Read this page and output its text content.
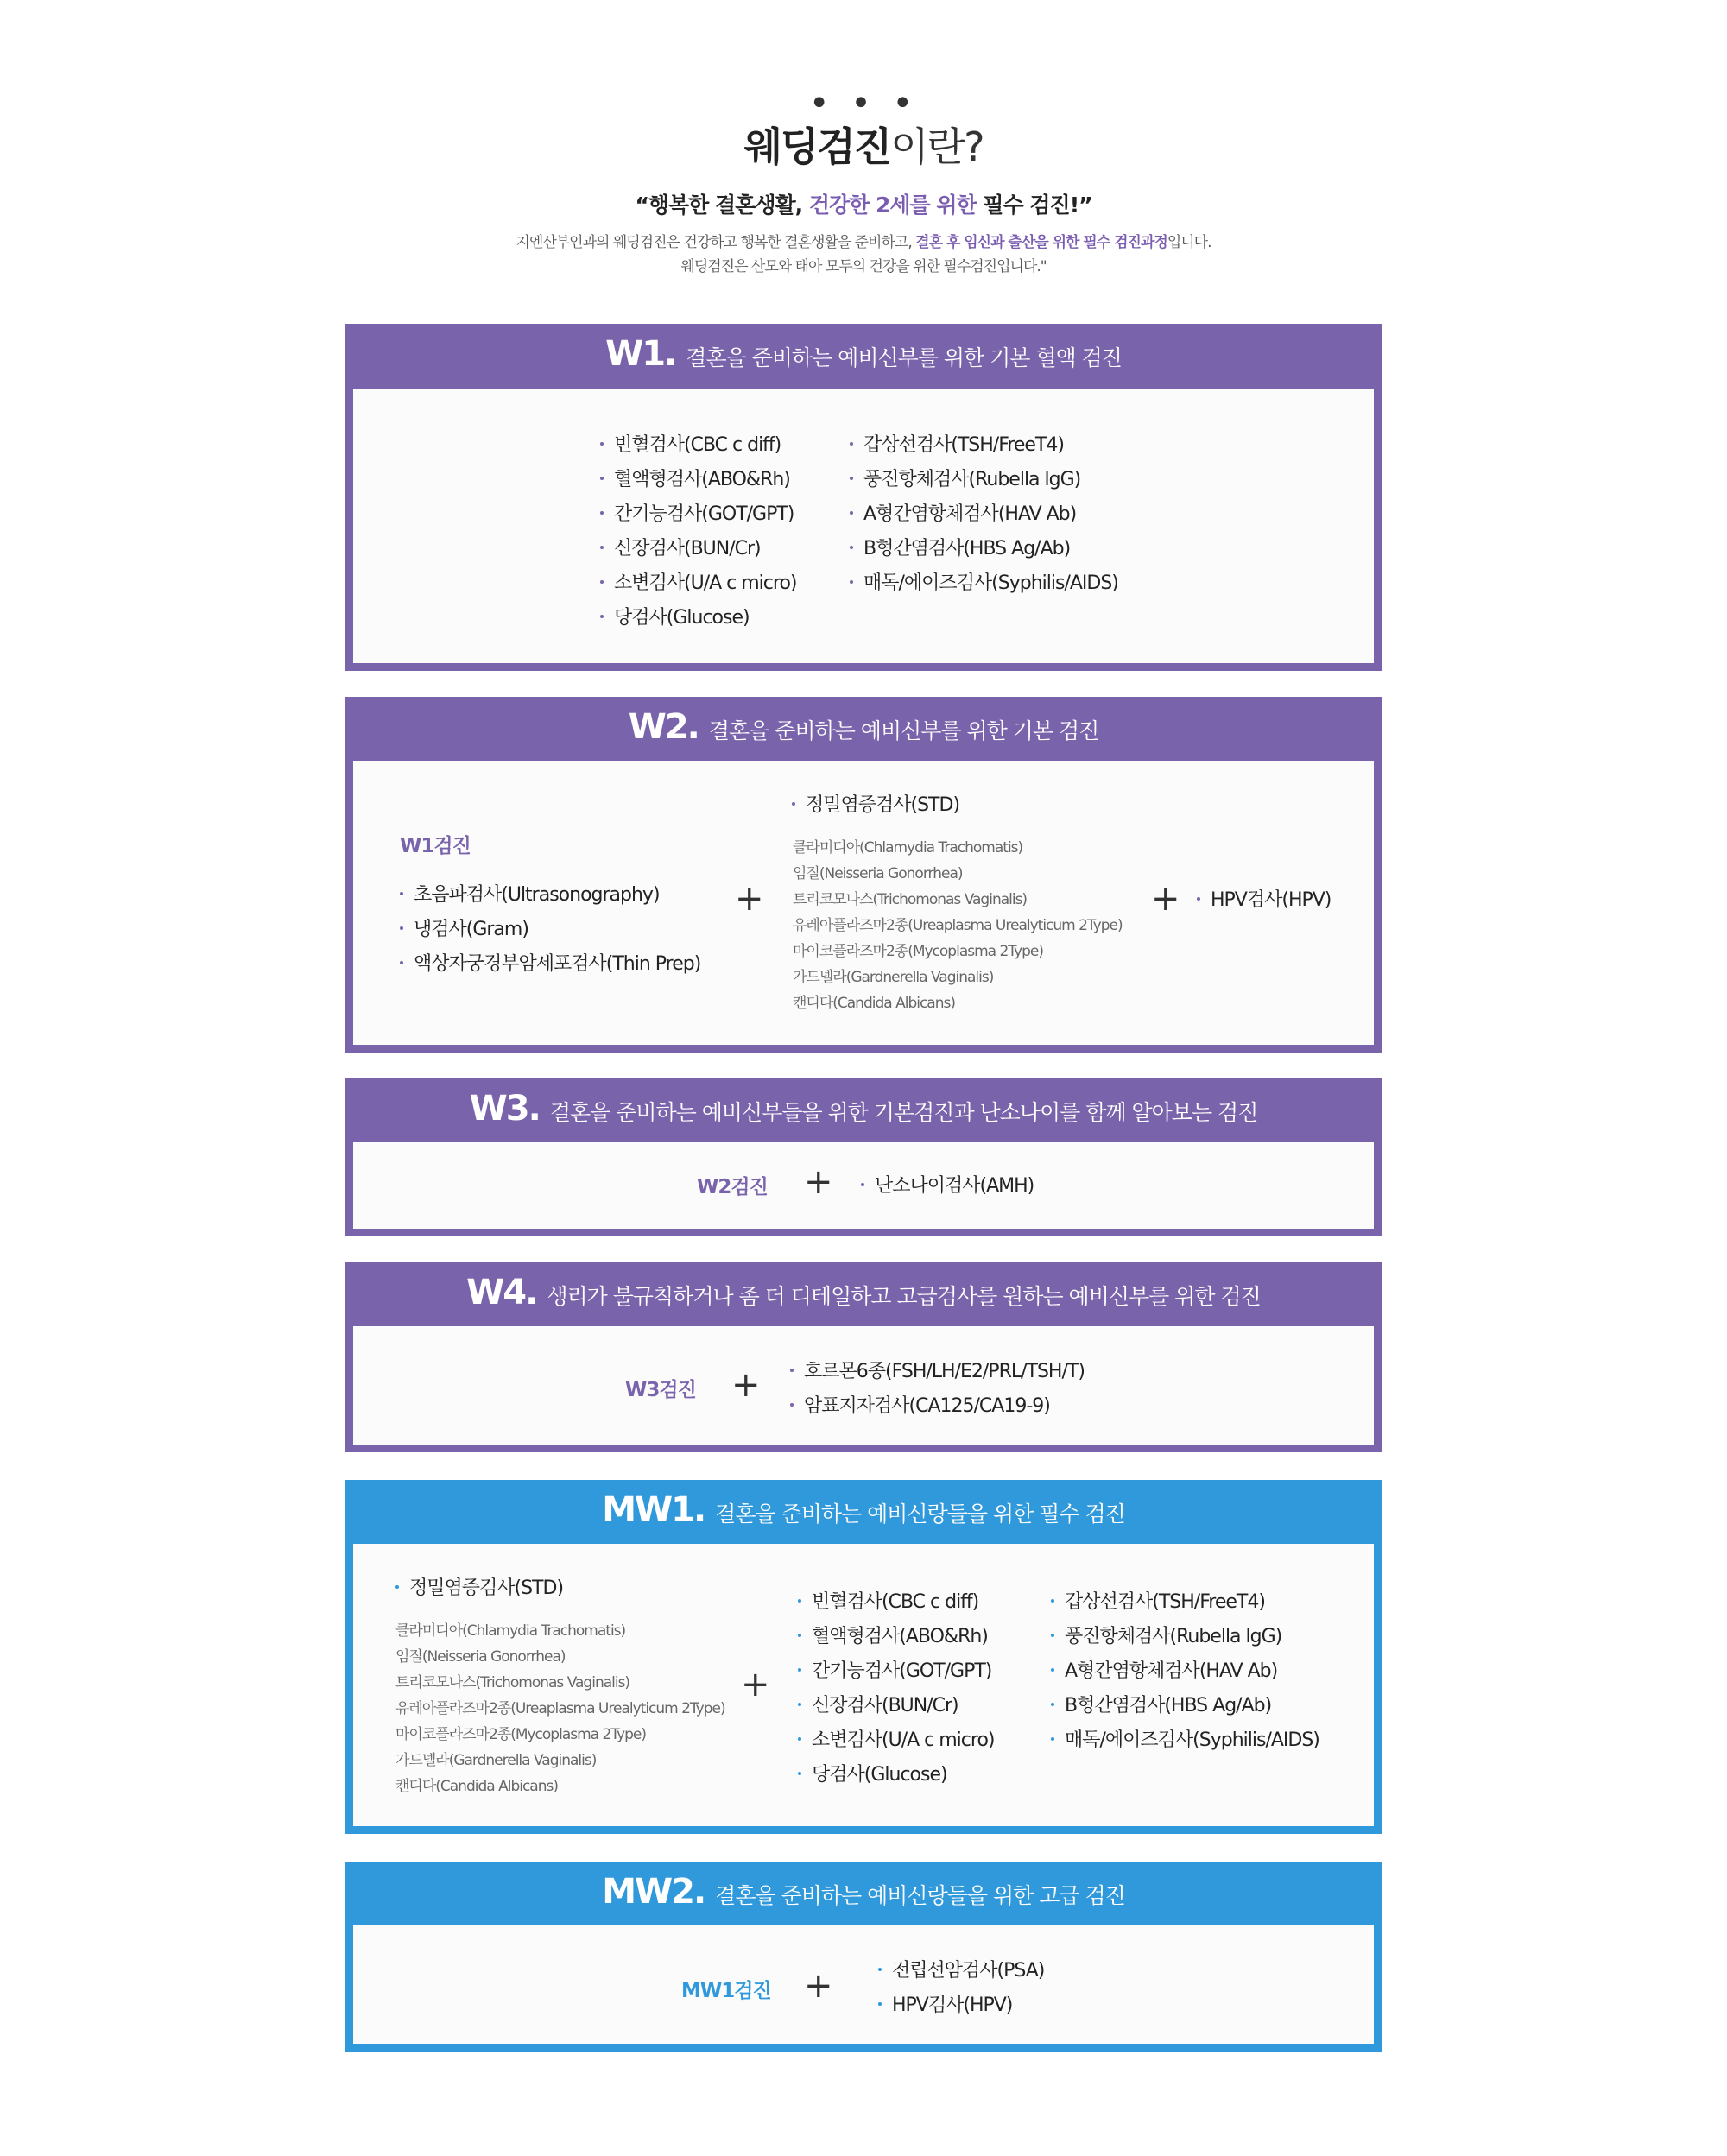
• • •
웨딩검진이란?
“행복한 결혼생활, 건강한 2세를 위한 필수 검진!”
지엔산부인과의 웨딩검진은 건강하고 행복한 결혼생활을 준비하고, 결혼 후 임신과 출산을 위한 필수 검진과정입니다.
웨딩검진은 산모와 태아 모두의 건강을 위한 필수검진입니다."
W1. 결혼을 준비하는 예비신부를 위한 기본 혈액 검진
빈혈검사(CBC c diff)
혈액형검사(ABO&Rh)
간기능검사(GOT/GPT)
신장검사(BUN/Cr)
소변검사(U/A c micro)
당검사(Glucose)
갑상선검사(TSH/FreeT4)
풍진항체검사(Rubella lgG)
A형간염항체검사(HAV Ab)
B형간염검사(HBS Ag/Ab)
매독/에이즈검사(Syphilis/AIDS)
W2. 결혼을 준비하는 예비신부를 위한 기본 검진
W1검진
초음파검사(Ultrasonography)
냉검사(Gram)
액상자궁경부암세포검사(Thin Prep)
+
정밀염증검사(STD)
클라미디아(Chlamydia Trachomatis)
임질(Neisseria Gonorrhea)
트리코모나스(Trichomonas Vaginalis)
유레아플라즈마2종(Ureaplasma Urealyticum 2Type)
마이코플라즈마2종(Mycoplasma 2Type)
가드넬라(Gardnerella Vaginalis)
캔디다(Candida Albicans)
+	HPV검사(HPV)
W3. 결혼을 준비하는 예비신부들을 위한 기본검진과 난소나이를 함께 알아보는 검진
W2검진 +	난소나이검사(AMH)
W4. 생리가 불규칙하거나 좀 더 디테일하고 고급검사를 원하는 예비신부를 위한 검진
W3검진 +	호르몬6종(FSH/LH/E2/PRL/TSH/T)
암표지자검사(CA125/CA19-9)
MW1. 결혼을 준비하는 예비신랑들을 위한 필수 검진
정밀염증검사(STD)
클라미디아(Chlamydia Trachomatis)
임질(Neisseria Gonorrhea)
트리코모나스(Trichomonas Vaginalis)
유레아플라즈마2종(Ureaplasma Urealyticum 2Type)
마이코플라즈마2종(Mycoplasma 2Type)
가드넬라(Gardnerella Vaginalis)
캔디다(Candida Albicans)
+
빈혈검사(CBC c diff)
혈액형검사(ABO&Rh)
간기능검사(GOT/GPT)
신장검사(BUN/Cr)
소변검사(U/A c micro)
당검사(Glucose)
갑상선검사(TSH/FreeT4)
풍진항체검사(Rubella lgG)
A형간염항체검사(HAV Ab)
B형간염검사(HBS Ag/Ab)
매독/에이즈검사(Syphilis/AIDS)
MW2. 결혼을 준비하는 예비신랑들을 위한 고급 검진
MW1검진 +	전립선암검사(PSA)
HPV검사(HPV)
